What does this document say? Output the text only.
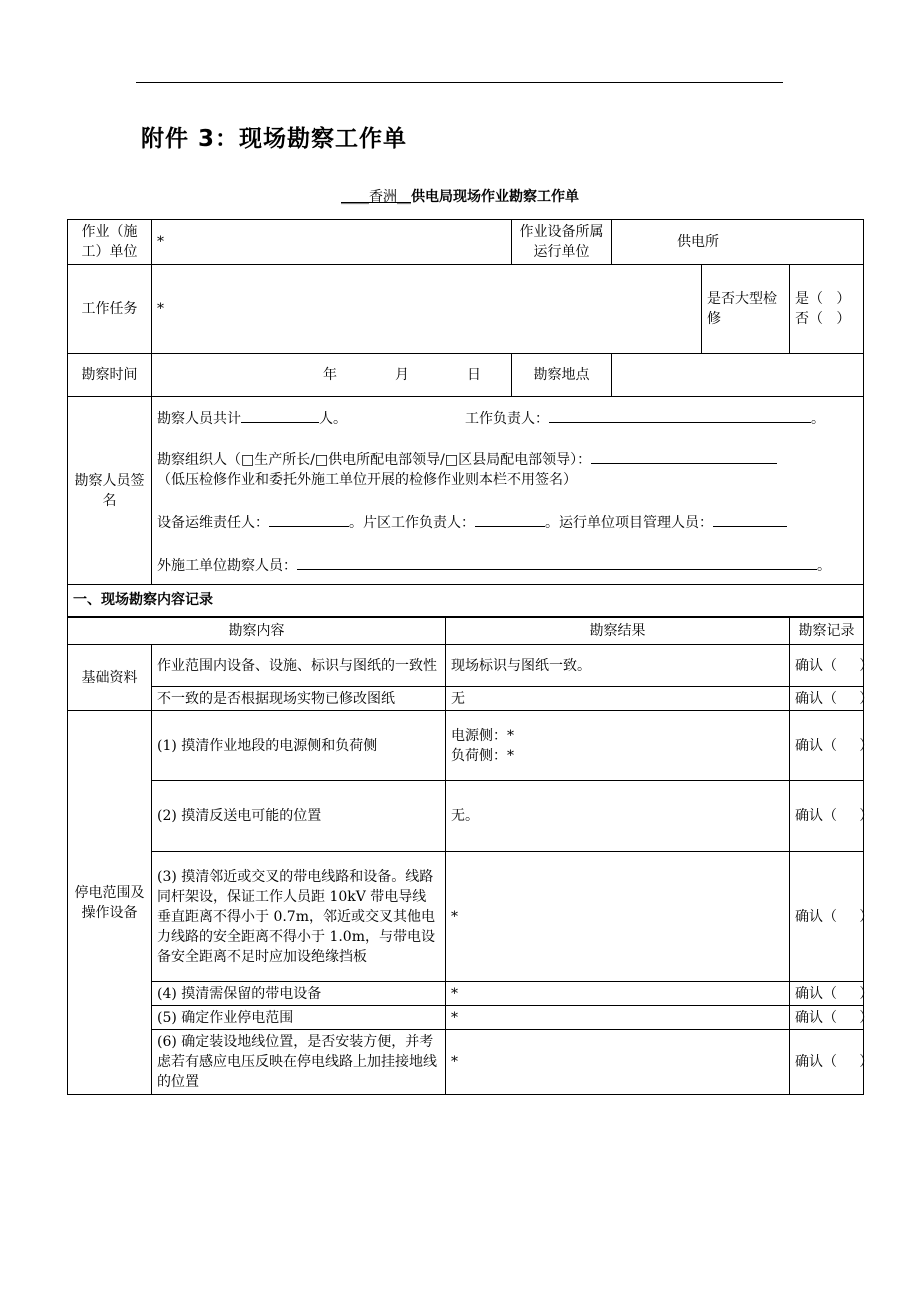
附件 3：现场勘察工作单
____香洲__供电局现场作业勘察工作单
作业（施工）单位	*		作业设备所属运行单位	供电所		
工作任务	*				是否大型检修	是（   ）
否（   ）

勘察时间	年 月 日		勘察地点			
勘察人员签名	勘察人员共计 人。 工作负责人： 。

勘察组织人（□生产所长/□供电所配电部领导/□区县局配电部领导）：

（低压检修作业和委托外施工单位开展的检修作业则本栏不用签名）

设备运维责任人： 。片区工作负责人： 。运行单位项目管理人员：

外施工单位勘察人员： 。					

一、现场勘察内容记录						
勘察内容		勘察结果				勘察记录
基础资料	作业范围内设备、设施、标识与图纸的一致性	现场标识与图纸一致。				确认（     ）
	不一致的是否根据现场实物已修改图纸	无				确认（     ）
停电范围及操作设备	(1) 摸清作业地段的电源侧和负荷侧	电源侧：*
负荷侧：*				确认（     ）
	(2) 摸清反送电可能的位置	无。				确认（     ）
	(3) 摸清邻近或交叉的带电线路和设备。线路同杆架设，保证工作人员距 10kV 带电导线垂直距离不得小于 0.7m，邻近或交叉其他电力线路的安全距离不得小于 1.0m，与带电设备安全距离不足时应加设绝缘挡板	*				确认（     ）
	(4) 摸清需保留的带电设备	*				确认（     ）
	(5) 确定作业停电范围	*				确认（     ）
	(6) 确定装设地线位置，是否安装方便，并考虑若有感应电压反映在停电线路上加挂接地线的位置	*				确认（     ）
